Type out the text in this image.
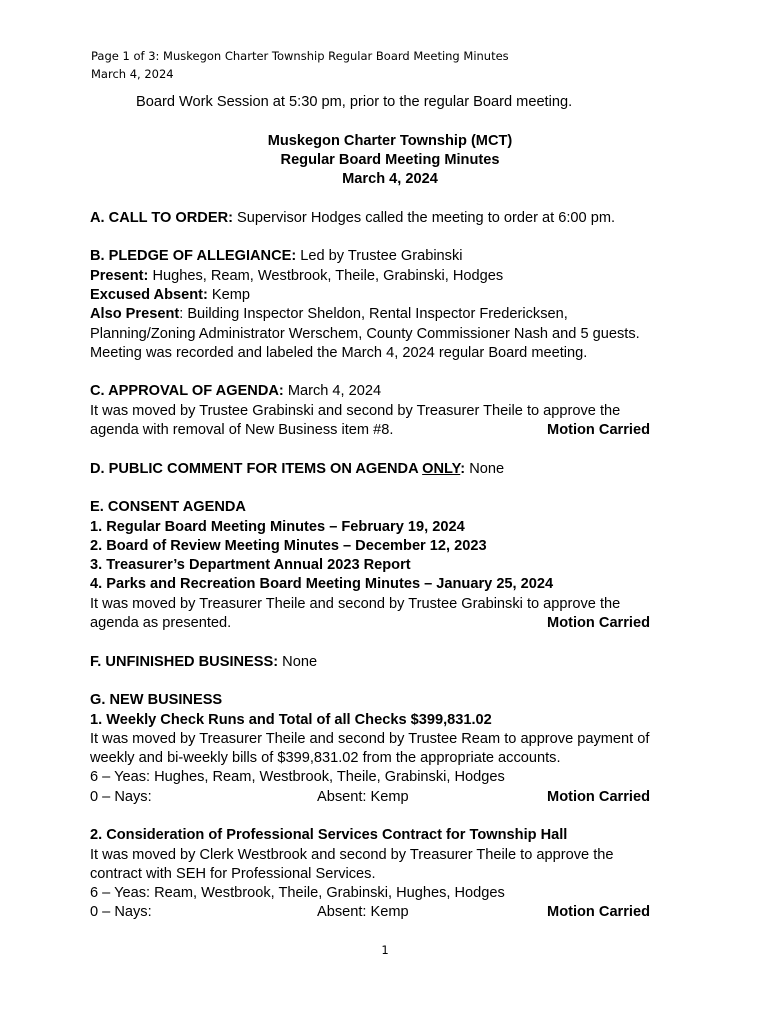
Page 1 of 3: Muskegon Charter Township Regular Board Meeting Minutes
March 4, 2024
Board Work Session at 5:30 pm, prior to the regular Board meeting.
Muskegon Charter Township (MCT)
Regular Board Meeting Minutes
March 4, 2024
A. CALL TO ORDER: Supervisor Hodges called the meeting to order at 6:00 pm.
B. PLEDGE OF ALLEGIANCE: Led by Trustee Grabinski
Present: Hughes, Ream, Westbrook, Theile, Grabinski, Hodges
Excused Absent: Kemp
Also Present: Building Inspector Sheldon, Rental Inspector Fredericksen,
Planning/Zoning Administrator Werschem, County Commissioner Nash and 5 guests.
Meeting was recorded and labeled the March 4, 2024 regular Board meeting.
C. APPROVAL OF AGENDA: March 4, 2024
It was moved by Trustee Grabinski and second by Treasurer Theile to approve the
agenda with removal of New Business item #8.	Motion Carried
D. PUBLIC COMMENT FOR ITEMS ON AGENDA ONLY: None
E. CONSENT AGENDA
1. Regular Board Meeting Minutes – February 19, 2024
2. Board of Review Meeting Minutes – December 12, 2023
3. Treasurer’s Department Annual 2023 Report
4. Parks and Recreation Board Meeting Minutes – January 25, 2024
It was moved by Treasurer Theile and second by Trustee Grabinski to approve the
agenda as presented.	Motion Carried
F. UNFINISHED BUSINESS: None
G. NEW BUSINESS
1. Weekly Check Runs and Total of all Checks $399,831.02
It was moved by Treasurer Theile and second by Trustee Ream to approve payment of
weekly and bi-weekly bills of $399,831.02 from the appropriate accounts.
6 – Yeas: Hughes, Ream, Westbrook, Theile, Grabinski, Hodges
0 – Nays:	Absent: Kemp	Motion Carried
2. Consideration of Professional Services Contract for Township Hall
It was moved by Clerk Westbrook and second by Treasurer Theile to approve the
contract with SEH for Professional Services.
6 – Yeas: Ream, Westbrook, Theile, Grabinski, Hughes, Hodges
0 – Nays:	Absent: Kemp	Motion Carried
1
